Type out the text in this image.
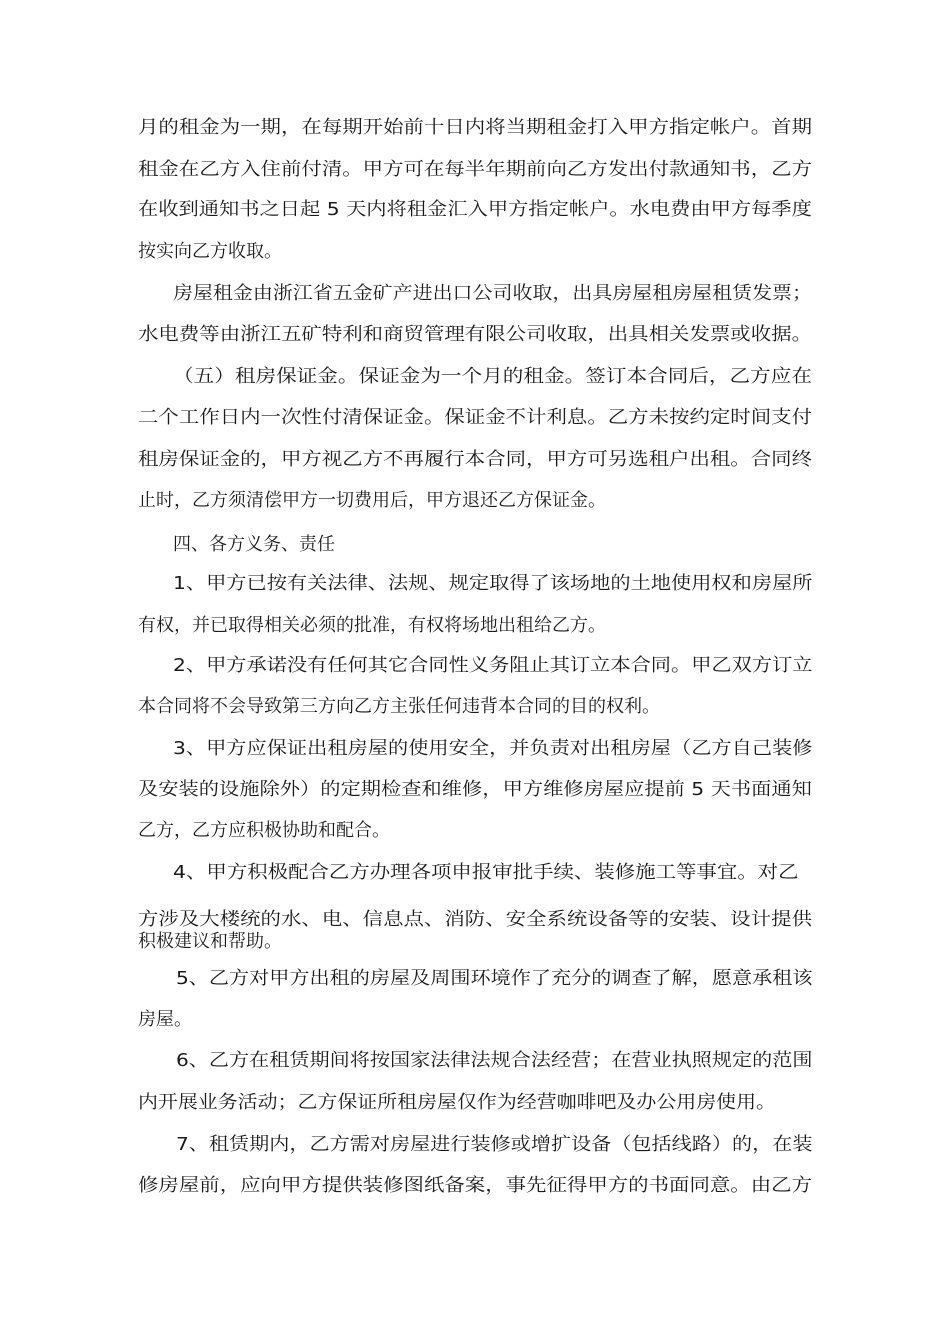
月的租金为一期，在每期开始前十日内将当期租金打入甲方指定帐户。首期
租金在乙方入住前付清。甲方可在每半年期前向乙方发出付款通知书，乙方
在收到通知书之日起 5 天内将租金汇入甲方指定帐户。水电费由甲方每季度
按实向乙方收取。
房屋租金由浙江省五金矿产进出口公司收取，出具房屋租房屋租赁发票；
水电费等由浙江五矿特利和商贸管理有限公司收取，出具相关发票或收据。
（五）租房保证金。保证金为一个月的租金。签订本合同后，乙方应在
二个工作日内一次性付清保证金。保证金不计利息。乙方未按约定时间支付
租房保证金的，甲方视乙方不再履行本合同，甲方可另选租户出租。合同终
止时，乙方须清偿甲方一切费用后，甲方退还乙方保证金。
四、各方义务、责任
1、甲方已按有关法律、法规、规定取得了该场地的土地使用权和房屋所
有权，并已取得相关必须的批准，有权将场地出租给乙方。
2、甲方承诺没有任何其它合同性义务阻止其订立本合同。甲乙双方订立
本合同将不会导致第三方向乙方主张任何违背本合同的目的权利。
3、甲方应保证出租房屋的使用安全，并负责对出租房屋（乙方自己装修
及安装的设施除外）的定期检查和维修，甲方维修房屋应提前 5 天书面通知
乙方，乙方应积极协助和配合。
4、甲方积极配合乙方办理各项申报审批手续、装修施工等事宜。对乙
方涉及大楼统的水、电、信息点、消防、安全系统设备等的安装、设计提供
积极建议和帮助。
5、乙方对甲方出租的房屋及周围环境作了充分的调查了解，愿意承租该
房屋。
6、乙方在租赁期间将按国家法律法规合法经营；在营业执照规定的范围
内开展业务活动；乙方保证所租房屋仅作为经营咖啡吧及办公用房使用。
7、租赁期内，乙方需对房屋进行装修或增扩设备（包括线路）的，在装
修房屋前，应向甲方提供装修图纸备案，事先征得甲方的书面同意。由乙方
